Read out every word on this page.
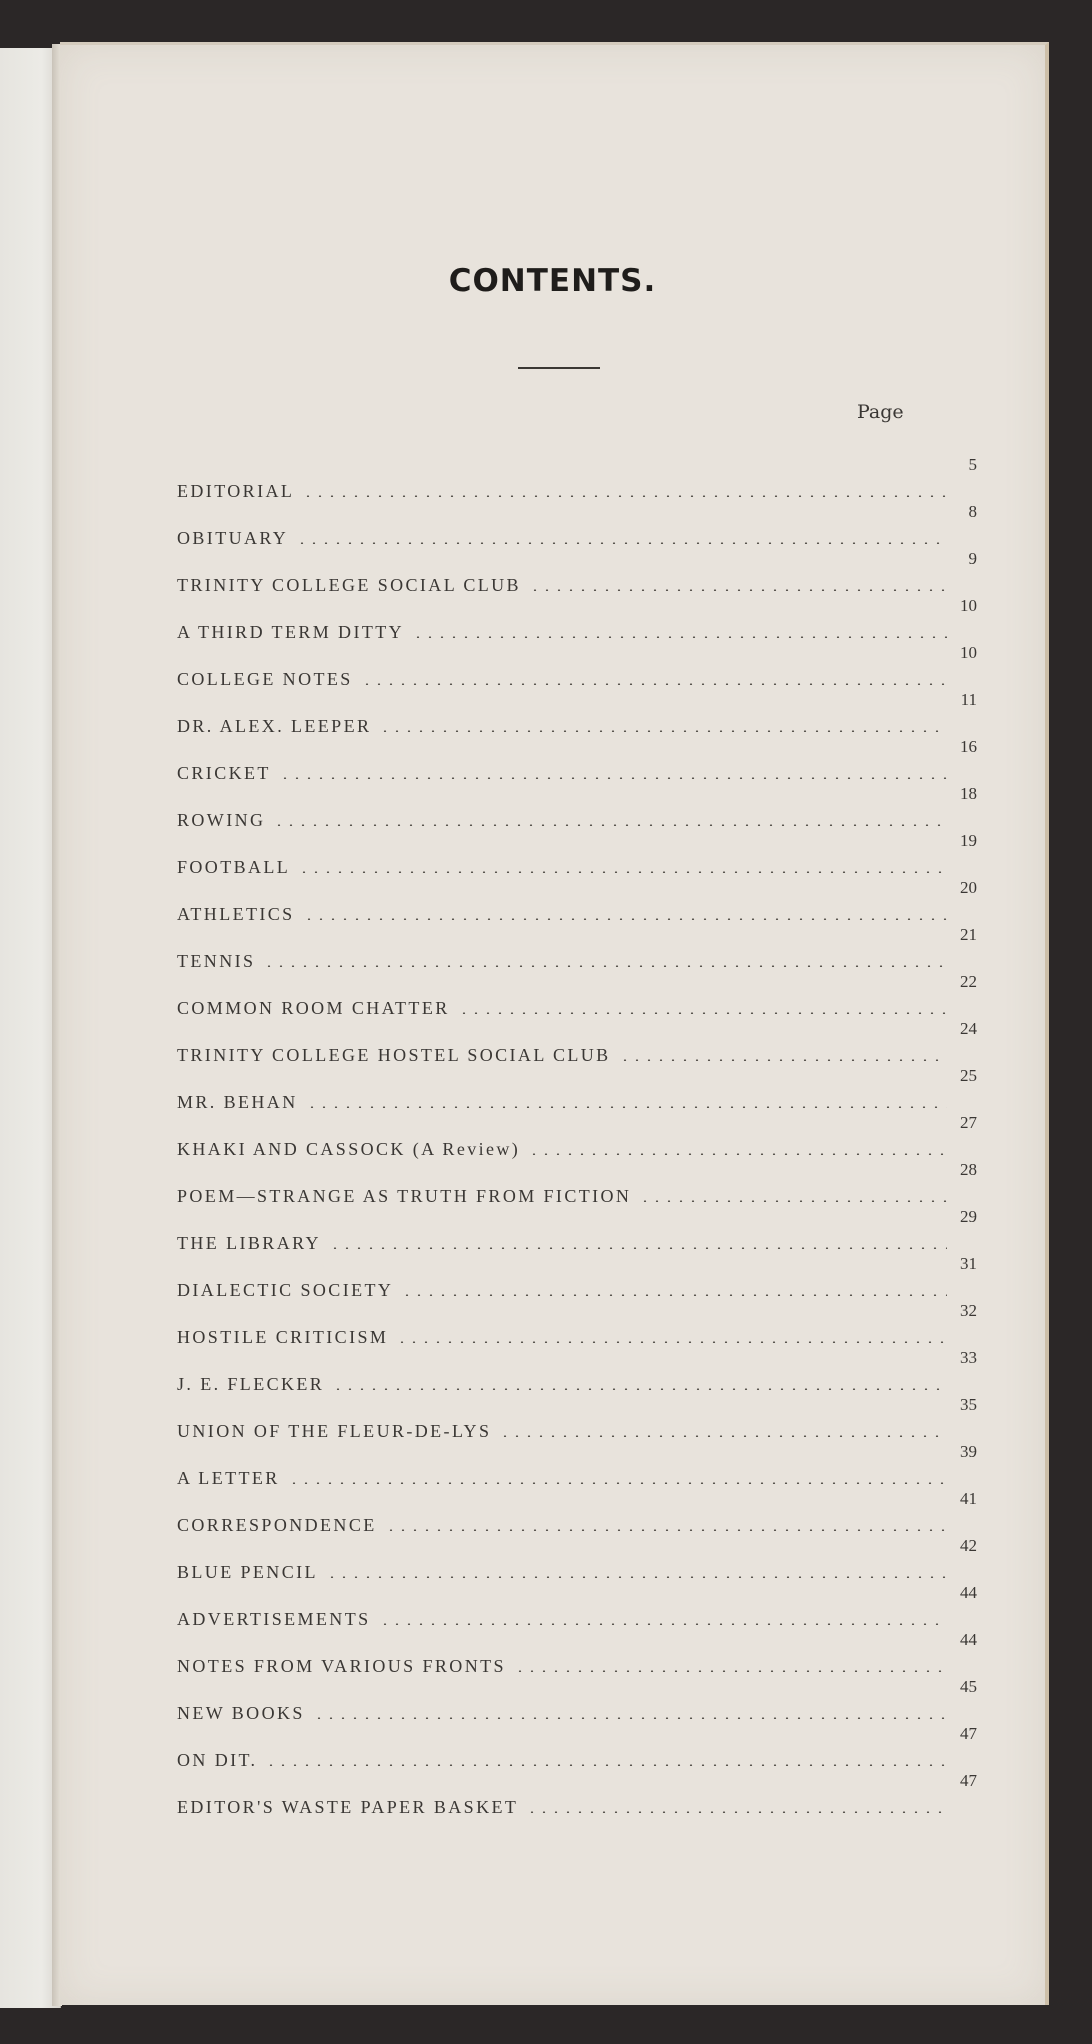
CONTENTS.
Page
EDITORIAL
5
OBITUARY
8
TRINITY COLLEGE SOCIAL CLUB
9
A THIRD TERM DITTY
10
COLLEGE NOTES
10
DR. ALEX. LEEPER
11
CRICKET
16
ROWING
18
FOOTBALL
19
ATHLETICS
20
TENNIS
21
COMMON ROOM CHATTER
22
TRINITY COLLEGE HOSTEL SOCIAL CLUB
24
MR. BEHAN
25
KHAKI AND CASSOCK (A Review)
27
POEM—STRANGE AS TRUTH FROM FICTION
28
THE LIBRARY
29
DIALECTIC SOCIETY
31
HOSTILE CRITICISM
32
J. E. FLECKER
33
UNION OF THE FLEUR-DE-LYS
35
A LETTER
39
CORRESPONDENCE
41
BLUE PENCIL
42
ADVERTISEMENTS
44
NOTES FROM VARIOUS FRONTS
44
NEW BOOKS
45
ON DIT.
47
EDITOR'S WASTE PAPER BASKET
47
